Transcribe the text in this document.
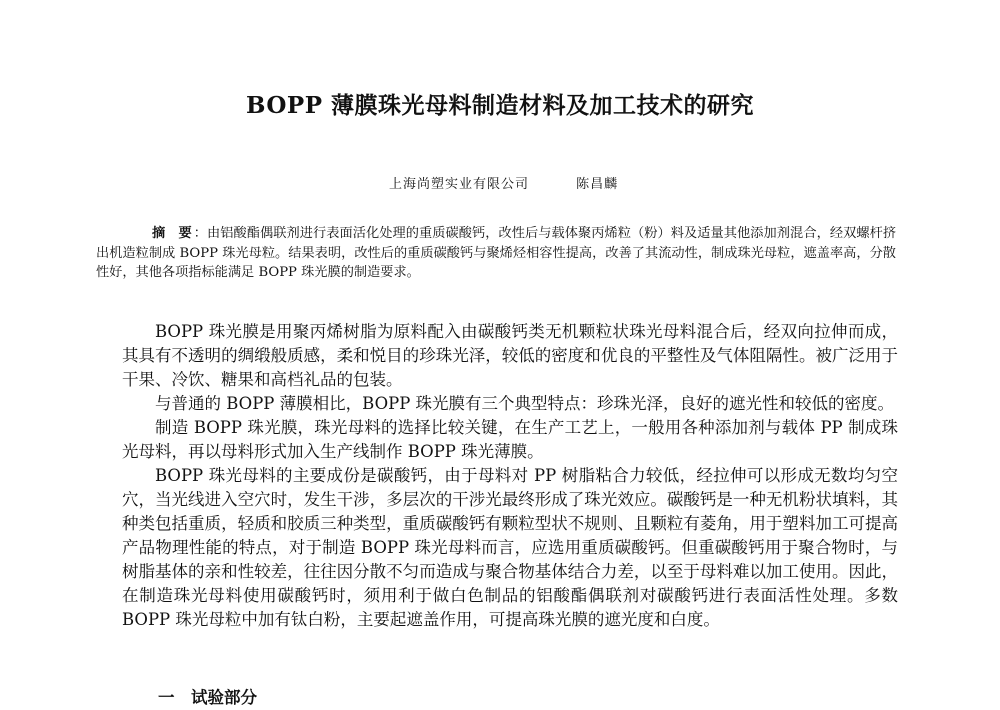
BOPP 薄膜珠光母料制造材料及加工技术的研究
上海尚塑实业有限公司	陈昌麟
摘　要 ：由铝酸酯偶联剂进行表面活化处理的重质碳酸钙，改性后与载体聚丙烯粒（粉）料及适量其他添加剂混合，经双螺杆挤出机造粒制成 BOPP 珠光母粒。结果表明，改性后的重质碳酸钙与聚烯烃相容性提高，改善了其流动性，制成珠光母粒，遮盖率高，分散性好，其他各项指标能满足 BOPP 珠光膜的制造要求。

BOPP 珠光膜是用聚丙烯树脂为原料配入由碳酸钙类无机颗粒状珠光母料混合后，经双向拉伸而成，其具有不透明的绸缎般质感，柔和悦目的珍珠光泽，较低的密度和优良的平整性及气体阻隔性。被广泛用于干果、冷饮、糖果和高档礼品的包装。

与普通的 BOPP 薄膜相比，BOPP 珠光膜有三个典型特点：珍珠光泽，良好的遮光性和较低的密度。

制造 BOPP 珠光膜，珠光母料的选择比较关键，在生产工艺上，一般用各种添加剂与载体 PP 制成珠光母料，再以母料形式加入生产线制作 BOPP 珠光薄膜。

BOPP 珠光母料的主要成份是碳酸钙，由于母料对 PP 树脂粘合力较低，经拉伸可以形成无数均匀空穴，当光线进入空穴时，发生干涉，多层次的干涉光最终形成了珠光效应。碳酸钙是一种无机粉状填料，其种类包括重质，轻质和胶质三种类型，重质碳酸钙有颗粒型状不规则、且颗粒有菱角，用于塑料加工可提高产品物理性能的特点，对于制造 BOPP 珠光母料而言，应选用重质碳酸钙。但重碳酸钙用于聚合物时，与树脂基体的亲和性较差，往往因分散不匀而造成与聚合物基体结合力差，以至于母料难以加工使用。因此，在制造珠光母料使用碳酸钙时，须用利于做白色制品的铝酸酯偶联剂对碳酸钙进行表面活性处理。多数 BOPP 珠光母粒中加有钛白粉，主要起遮盖作用，可提高珠光膜的遮光度和白度。

一　试验部分
